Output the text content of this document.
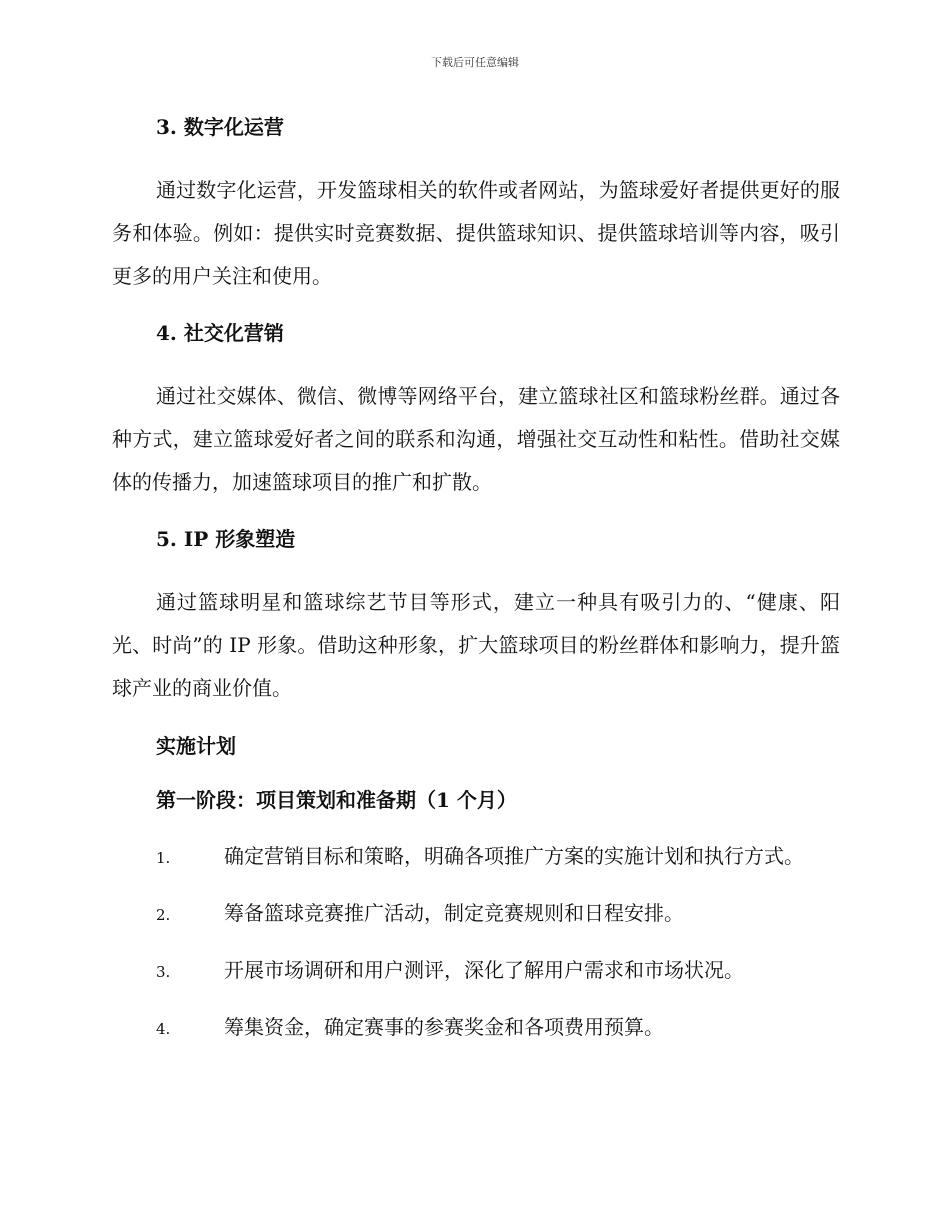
下载后可任意编辑

3. 数字化运营

通过数字化运营，开发篮球相关的软件或者网站，为篮球爱好者提供更好的服务和体验。例如：提供实时竞赛数据、提供篮球知识、提供篮球培训等内容，吸引更多的用户关注和使用。

4. 社交化营销

通过社交媒体、微信、微博等网络平台，建立篮球社区和篮球粉丝群。通过各种方式，建立篮球爱好者之间的联系和沟通，增强社交互动性和粘性。借助社交媒体的传播力，加速篮球项目的推广和扩散。

5. IP 形象塑造

通过篮球明星和篮球综艺节目等形式，建立一种具有吸引力的、“健康、阳光、时尚”的 IP 形象。借助这种形象，扩大篮球项目的粉丝群体和影响力，提升篮球产业的商业价值。

实施计划

第一阶段：项目策划和准备期（1 个月）

1.	确定营销目标和策略，明确各项推广方案的实施计划和执行方式。

2.	筹备篮球竞赛推广活动，制定竞赛规则和日程安排。

3.	开展市场调研和用户测评，深化了解用户需求和市场状况。

4.	筹集资金，确定赛事的参赛奖金和各项费用预算。
